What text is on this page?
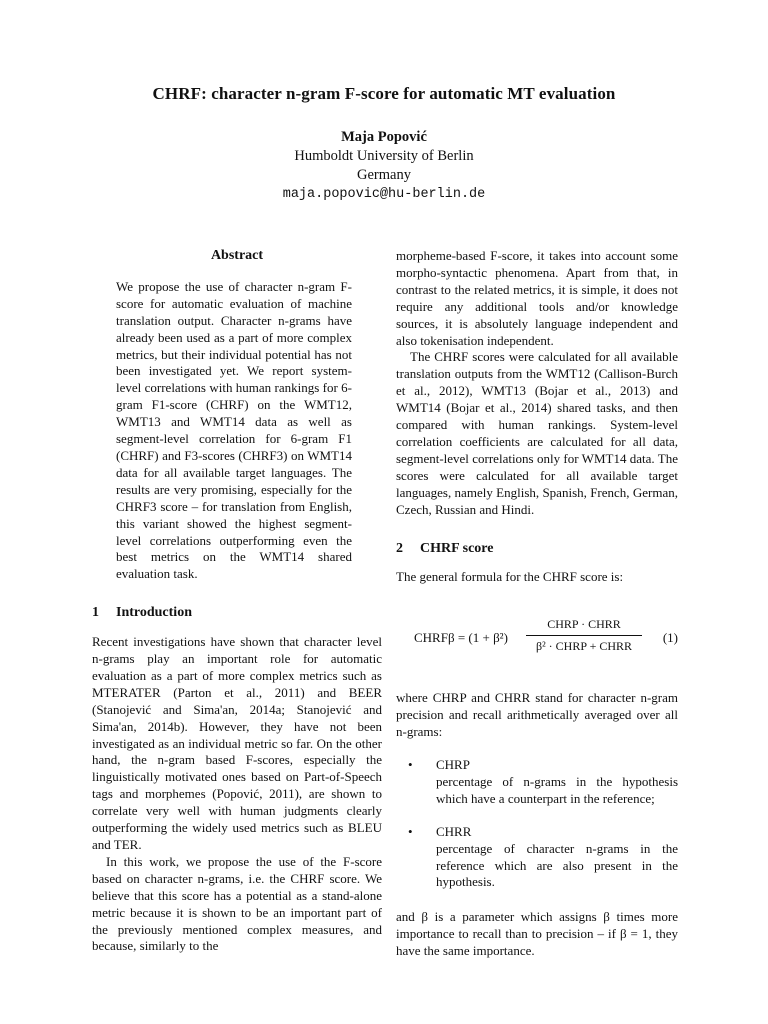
CHRF: character n-gram F-score for automatic MT evaluation
Maja Popović
Humboldt University of Berlin
Germany
maja.popovic@hu-berlin.de
Abstract

We propose the use of character n-gram F-score for automatic evaluation of machine translation output. Character n-grams have already been used as a part of more complex metrics, but their individual potential has not been investigated yet. We report system-level correlations with human rankings for 6-gram F1-score (CHRF) on the WMT12, WMT13 and WMT14 data as well as segment-level correlation for 6-gram F1 (CHRF) and F3-scores (CHRF3) on WMT14 data for all available target languages. The results are very promising, especially for the CHRF3 score – for translation from English, this variant showed the highest segment-level correlations outperforming even the best metrics on the WMT14 shared evaluation task.

1 Introduction

Recent investigations have shown that character level n-grams play an important role for automatic evaluation as a part of more complex metrics such as MTERATER (Parton et al., 2011) and BEER (Stanojević and Sima'an, 2014a; Stanojević and Sima'an, 2014b). However, they have not been investigated as an individual metric so far. On the other hand, the n-gram based F-scores, especially the linguistically motivated ones based on Part-of-Speech tags and morphemes (Popović, 2011), are shown to correlate very well with human judgments clearly outperforming the widely used metrics such as BLEU and TER.

In this work, we propose the use of the F-score based on character n-grams, i.e. the CHRF score. We believe that this score has a potential as a stand-alone metric because it is shown to be an important part of the previously mentioned complex measures, and because, similarly to the

morpheme-based F-score, it takes into account some morpho-syntactic phenomena. Apart from that, in contrast to the related metrics, it is simple, it does not require any additional tools and/or knowledge sources, it is absolutely language independent and also tokenisation independent.

The CHRF scores were calculated for all available translation outputs from the WMT12 (Callison-Burch et al., 2012), WMT13 (Bojar et al., 2013) and WMT14 (Bojar et al., 2014) shared tasks, and then compared with human rankings. System-level correlation coefficients are calculated for all data, segment-level correlations only for WMT14 data. The scores were calculated for all available target languages, namely English, Spanish, French, German, Czech, Russian and Hindi.

2 CHRF score

The general formula for the CHRF score is:

CHRFβ = (1 + β²)
CHRP · CHRR
β² · CHRP + CHRR
(1)

where CHRP and CHRR stand for character n-gram precision and recall arithmetically averaged over all n-grams:

• CHRP
percentage of n-grams in the hypothesis which have a counterpart in the reference;
• CHRR
percentage of character n-grams in the reference which are also present in the hypothesis.

and β is a parameter which assigns β times more importance to recall than to precision – if β = 1, they have the same importance.
